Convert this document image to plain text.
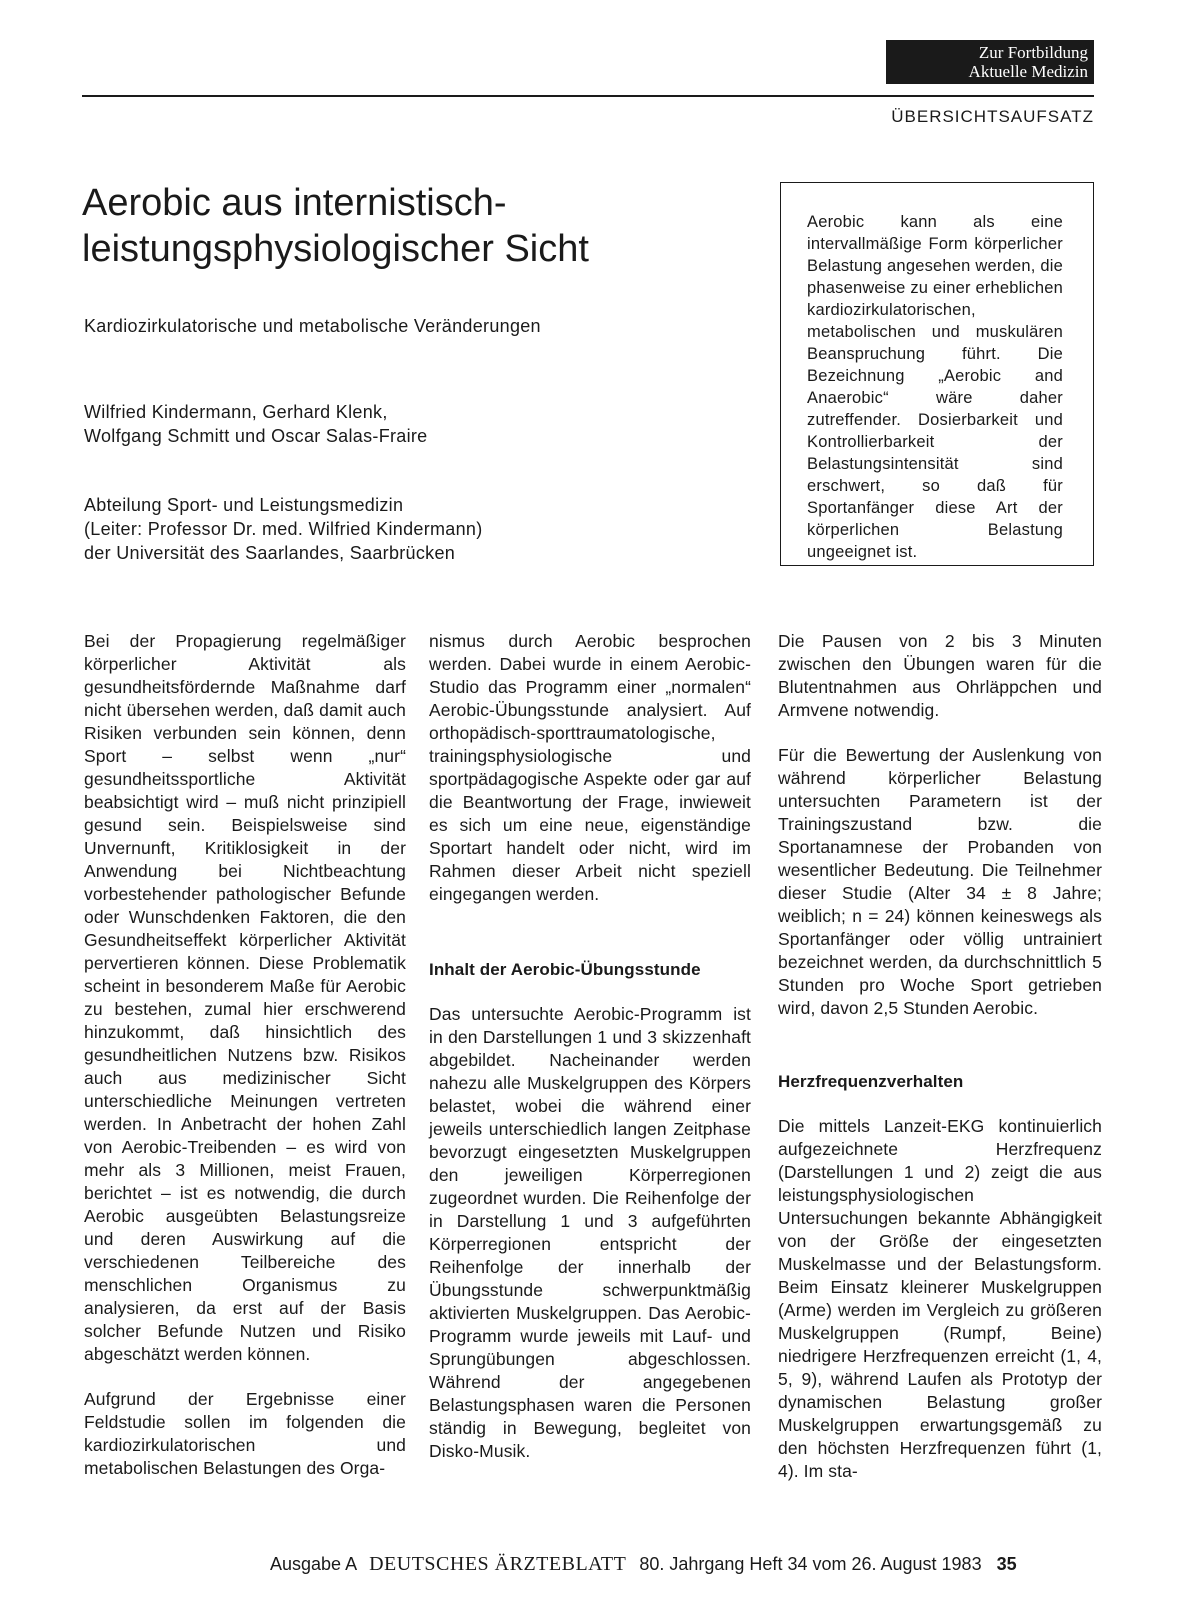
Zur Fortbildung
Aktuelle Medizin
ÜBERSICHTSAUFSATZ
Aerobic aus internistisch-
leistungsphysiologischer Sicht
Kardiozirkulatorische und metabolische Veränderungen
Wilfried Kindermann, Gerhard Klenk,
Wolfgang Schmitt und Oscar Salas-Fraire
Abteilung Sport- und Leistungsmedizin
(Leiter: Professor Dr. med. Wilfried Kindermann)
der Universität des Saarlandes, Saarbrücken

Aerobic kann als eine intervallmäßige Form körperlicher Belastung angesehen werden, die phasenweise zu einer erheblichen kardiozirkulatorischen, metabolischen und muskulären Beanspruchung führt. Die Bezeichnung „Aerobic and Anaerobic“ wäre daher zutreffender. Dosierbarkeit und Kontrollierbarkeit der Belastungsintensität sind erschwert, so daß für Sportanfänger diese Art der körperlichen Belastung ungeeignet ist.

Bei der Propagierung regelmäßiger körperlicher Aktivität als gesundheitsfördernde Maßnahme darf nicht übersehen werden, daß damit auch Risiken verbunden sein können, denn Sport – selbst wenn „nur“ gesundheitssportliche Aktivität beabsichtigt wird – muß nicht prinzipiell gesund sein. Beispielsweise sind Unvernunft, Kritiklosigkeit in der Anwendung bei Nichtbeachtung vorbestehender pathologischer Befunde oder Wunschdenken Faktoren, die den Gesundheitseffekt körperlicher Aktivität pervertieren können. Diese Problematik scheint in besonderem Maße für Aerobic zu bestehen, zumal hier erschwerend hinzukommt, daß hinsichtlich des gesundheitlichen Nutzens bzw. Risikos auch aus medizinischer Sicht unterschiedliche Meinungen vertreten werden. In Anbetracht der hohen Zahl von Aerobic-Treibenden – es wird von mehr als 3 Millionen, meist Frauen, berichtet – ist es notwendig, die durch Aerobic ausgeübten Belastungsreize und deren Auswirkung auf die verschiedenen Teilbereiche des menschlichen Organismus zu analysieren, da erst auf der Basis solcher Befunde Nutzen und Risiko abgeschätzt werden können.

Aufgrund der Ergebnisse einer Feldstudie sollen im folgenden die kardiozirkulatorischen und metabolischen Belastungen des Orga-

nismus durch Aerobic besprochen werden. Dabei wurde in einem Aerobic-Studio das Programm einer „normalen“ Aerobic-Übungsstunde analysiert. Auf orthopädisch-sporttraumatologische, trainingsphysiologische und sportpädagogische Aspekte oder gar auf die Beantwortung der Frage, inwieweit es sich um eine neue, eigenständige Sportart handelt oder nicht, wird im Rahmen dieser Arbeit nicht speziell eingegangen werden.

Inhalt der Aerobic-Übungsstunde

Das untersuchte Aerobic-Programm ist in den Darstellungen 1 und 3 skizzenhaft abgebildet. Nacheinander werden nahezu alle Muskelgruppen des Körpers belastet, wobei die während einer jeweils unterschiedlich langen Zeitphase bevorzugt eingesetzten Muskelgruppen den jeweiligen Körperregionen zugeordnet wurden. Die Reihenfolge der in Darstellung 1 und 3 aufgeführten Körperregionen entspricht der Reihenfolge der innerhalb der Übungsstunde schwerpunktmäßig aktivierten Muskelgruppen. Das Aerobic-Programm wurde jeweils mit Lauf- und Sprungübungen abgeschlossen. Während der angegebenen Belastungsphasen waren die Personen ständig in Bewegung, begleitet von Disko-Musik.

Die Pausen von 2 bis 3 Minuten zwischen den Übungen waren für die Blutentnahmen aus Ohrläppchen und Armvene notwendig.

Für die Bewertung der Auslenkung von während körperlicher Belastung untersuchten Parametern ist der Trainingszustand bzw. die Sportanamnese der Probanden von wesentlicher Bedeutung. Die Teilnehmer dieser Studie (Alter 34 ± 8 Jahre; weiblich; n = 24) können keineswegs als Sportanfänger oder völlig untrainiert bezeichnet werden, da durchschnittlich 5 Stunden pro Woche Sport getrieben wird, davon 2,5 Stunden Aerobic.

Herzfrequenzverhalten

Die mittels Lanzeit-EKG kontinuierlich aufgezeichnete Herzfrequenz (Darstellungen 1 und 2) zeigt die aus leistungsphysiologischen Untersuchungen bekannte Abhängigkeit von der Größe der eingesetzten Muskelmasse und der Belastungsform. Beim Einsatz kleinerer Muskelgruppen (Arme) werden im Vergleich zu größeren Muskelgruppen (Rumpf, Beine) niedrigere Herzfrequenzen erreicht (1, 4, 5, 9), während Laufen als Prototyp der dynamischen Belastung großer Muskelgruppen erwartungsgemäß zu den höchsten Herzfrequenzen führt (1, 4). Im sta-

Ausgabe A DEUTSCHES ÄRZTEBLATT 80. Jahrgang Heft 34 vom 26. August 1983 35
